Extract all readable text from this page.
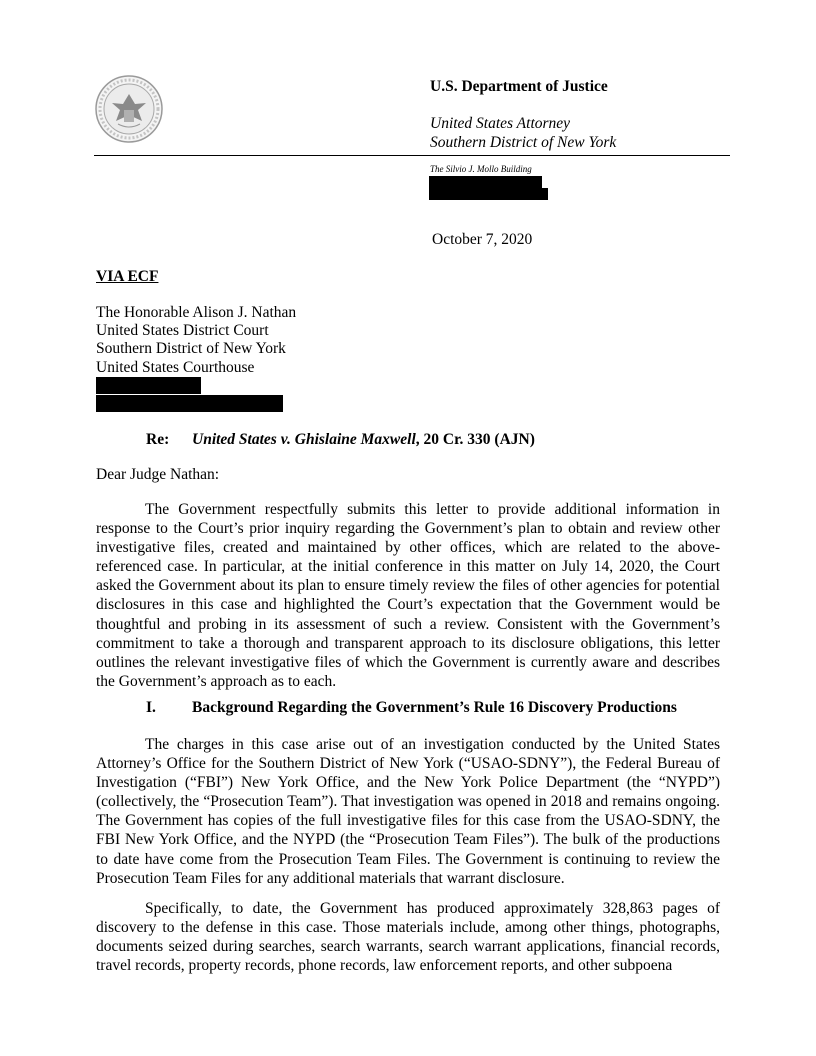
U.S. Department of Justice
United States Attorney
Southern District of New York
The Silvio J. Mollo Building
October 7, 2020
VIA ECF
The Honorable Alison J. Nathan
United States District Court
Southern District of New York
United States Courthouse
Re: United States v. Ghislaine Maxwell, 20 Cr. 330 (AJN)
Dear Judge Nathan:

The Government respectfully submits this letter to provide additional information in response to the Court’s prior inquiry regarding the Government’s plan to obtain and review other investigative files, created and maintained by other offices, which are related to the above-referenced case. In particular, at the initial conference in this matter on July 14, 2020, the Court asked the Government about its plan to ensure timely review the files of other agencies for potential disclosures in this case and highlighted the Court’s expectation that the Government would be thoughtful and probing in its assessment of such a review. Consistent with the Government’s commitment to take a thorough and transparent approach to its disclosure obligations, this letter outlines the relevant investigative files of which the Government is currently aware and describes the Government’s approach as to each.

I. Background Regarding the Government’s Rule 16 Discovery Productions

The charges in this case arise out of an investigation conducted by the United States Attorney’s Office for the Southern District of New York (“USAO-SDNY”), the Federal Bureau of Investigation (“FBI”) New York Office, and the New York Police Department (the “NYPD”) (collectively, the “Prosecution Team”). That investigation was opened in 2018 and remains ongoing. The Government has copies of the full investigative files for this case from the USAO-SDNY, the FBI New York Office, and the NYPD (the “Prosecution Team Files”). The bulk of the productions to date have come from the Prosecution Team Files. The Government is continuing to review the Prosecution Team Files for any additional materials that warrant disclosure.

Specifically, to date, the Government has produced approximately 328,863 pages of discovery to the defense in this case. Those materials include, among other things, photographs, documents seized during searches, search warrants, search warrant applications, financial records, travel records, property records, phone records, law enforcement reports, and other subpoena
